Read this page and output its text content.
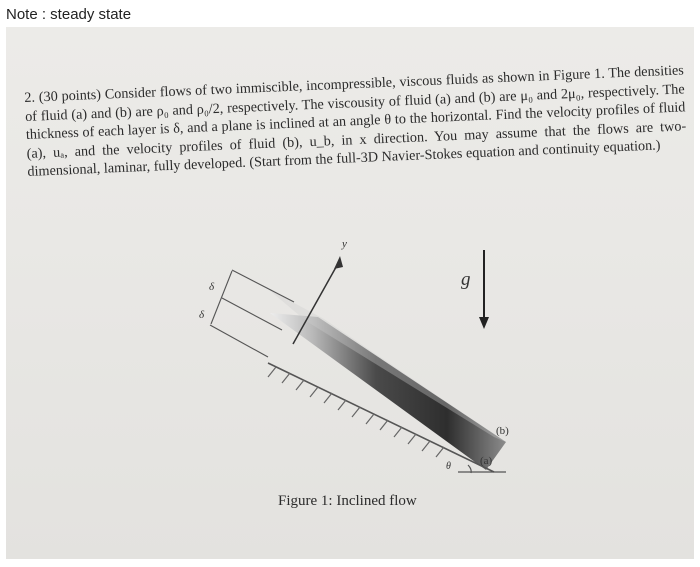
Note : steady state
2. (30 points) Consider flows of two immiscible, incompressible, viscous fluids as shown in Figure 1. The densities of fluid (a) and (b) are ρ₀ and ρ₀/2, respectively. The viscousity of fluid (a) and (b) are μ₀ and 2μ₀, respectively. The thickness of each layer is δ, and a plane is inclined at an angle θ to the horizontal. Find the velocity profiles of fluid (a), uₐ, and the velocity profiles of fluid (b), u_b, in x direction. You may assume that the flows are two-dimensional, laminar, fully developed. (Start from the full-3D Navier-Stokes equation and continuity equation.)
y
g
δ
δ
(b)
(a)
θ
Figure 1: Inclined flow
